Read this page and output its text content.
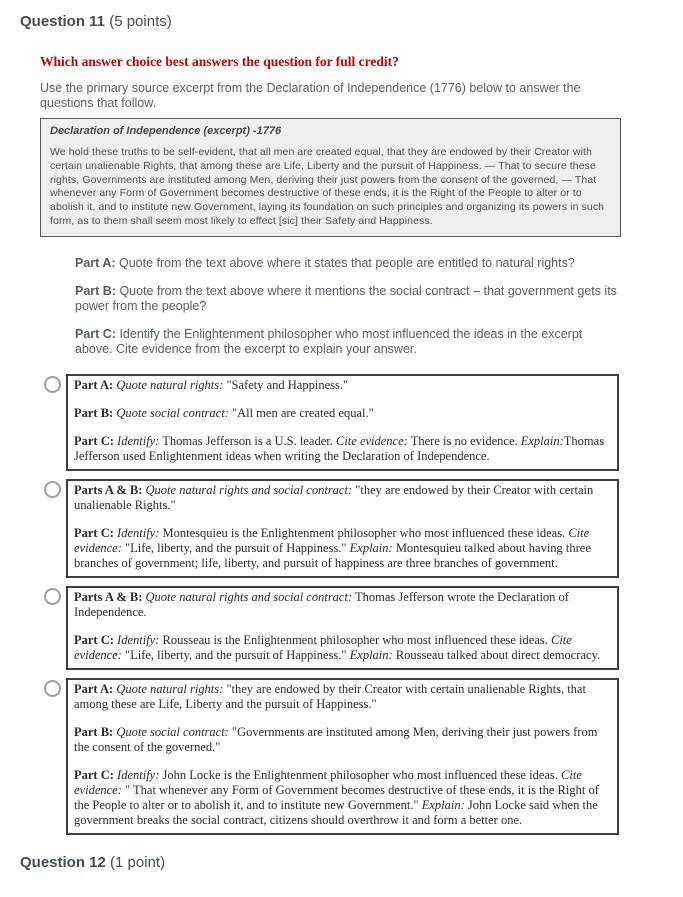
Question 11 (5 points)
Which answer choice best answers the question for full credit?
Use the primary source excerpt from the Declaration of Independence (1776) below to answer the questions that follow.
Declaration of Independence (excerpt) -1776
We hold these truths to be self-evident, that all men are created equal, that they are endowed by their Creator with certain unalienable Rights, that among these are Life, Liberty and the pursuit of Happiness. — That to secure these rights, Governments are instituted among Men, deriving their just powers from the consent of the governed, — That whenever any Form of Government becomes destructive of these ends, it is the Right of the People to alter or to abolish it, and to institute new Government, laying its foundation on such principles and organizing its powers in such form, as to them shall seem most likely to effect [sic] their Safety and Happiness.
Part A: Quote from the text above where it states that people are entitled to natural rights?
Part B: Quote from the text above where it mentions the social contract – that government gets its power from the people?
Part C: Identify the Enlightenment philosopher who most influenced the ideas in the excerpt above. Cite evidence from the excerpt to explain your answer.

Part A: Quote natural rights: "Safety and Happiness."

Part B: Quote social contract: "All men are created equal."

Part C: Identify: Thomas Jefferson is a U.S. leader. Cite evidence: There is no evidence. Explain:Thomas Jefferson used Enlightenment ideas when writing the Declaration of Independence.

Parts A & B: Quote natural rights and social contract: "they are endowed by their Creator with certain unalienable Rights."

Part C: Identify: Montesquieu is the Enlightenment philosopher who most influenced these ideas. Cite evidence: "Life, liberty, and the pursuit of Happiness." Explain: Montesquieu talked about having three branches of government; life, liberty, and pursuit of happiness are three branches of government.

Parts A & B: Quote natural rights and social contract: Thomas Jefferson wrote the Declaration of Independence.

Part C: Identify: Rousseau is the Enlightenment philosopher who most influenced these ideas. Cite evidence: "Life, liberty, and the pursuit of Happiness." Explain: Rousseau talked about direct democracy.

Part A: Quote natural rights: "they are endowed by their Creator with certain unalienable Rights, that among these are Life, Liberty and the pursuit of Happiness."

Part B: Quote social contract: "Governments are instituted among Men, deriving their just powers from the consent of the governed."

Part C: Identify: John Locke is the Enlightenment philosopher who most influenced these ideas. Cite evidence: " That whenever any Form of Government becomes destructive of these ends, it is the Right of the People to alter or to abolish it, and to institute new Government." Explain: John Locke said when the government breaks the social contract, citizens should overthrow it and form a better one.

Question 12 (1 point)
